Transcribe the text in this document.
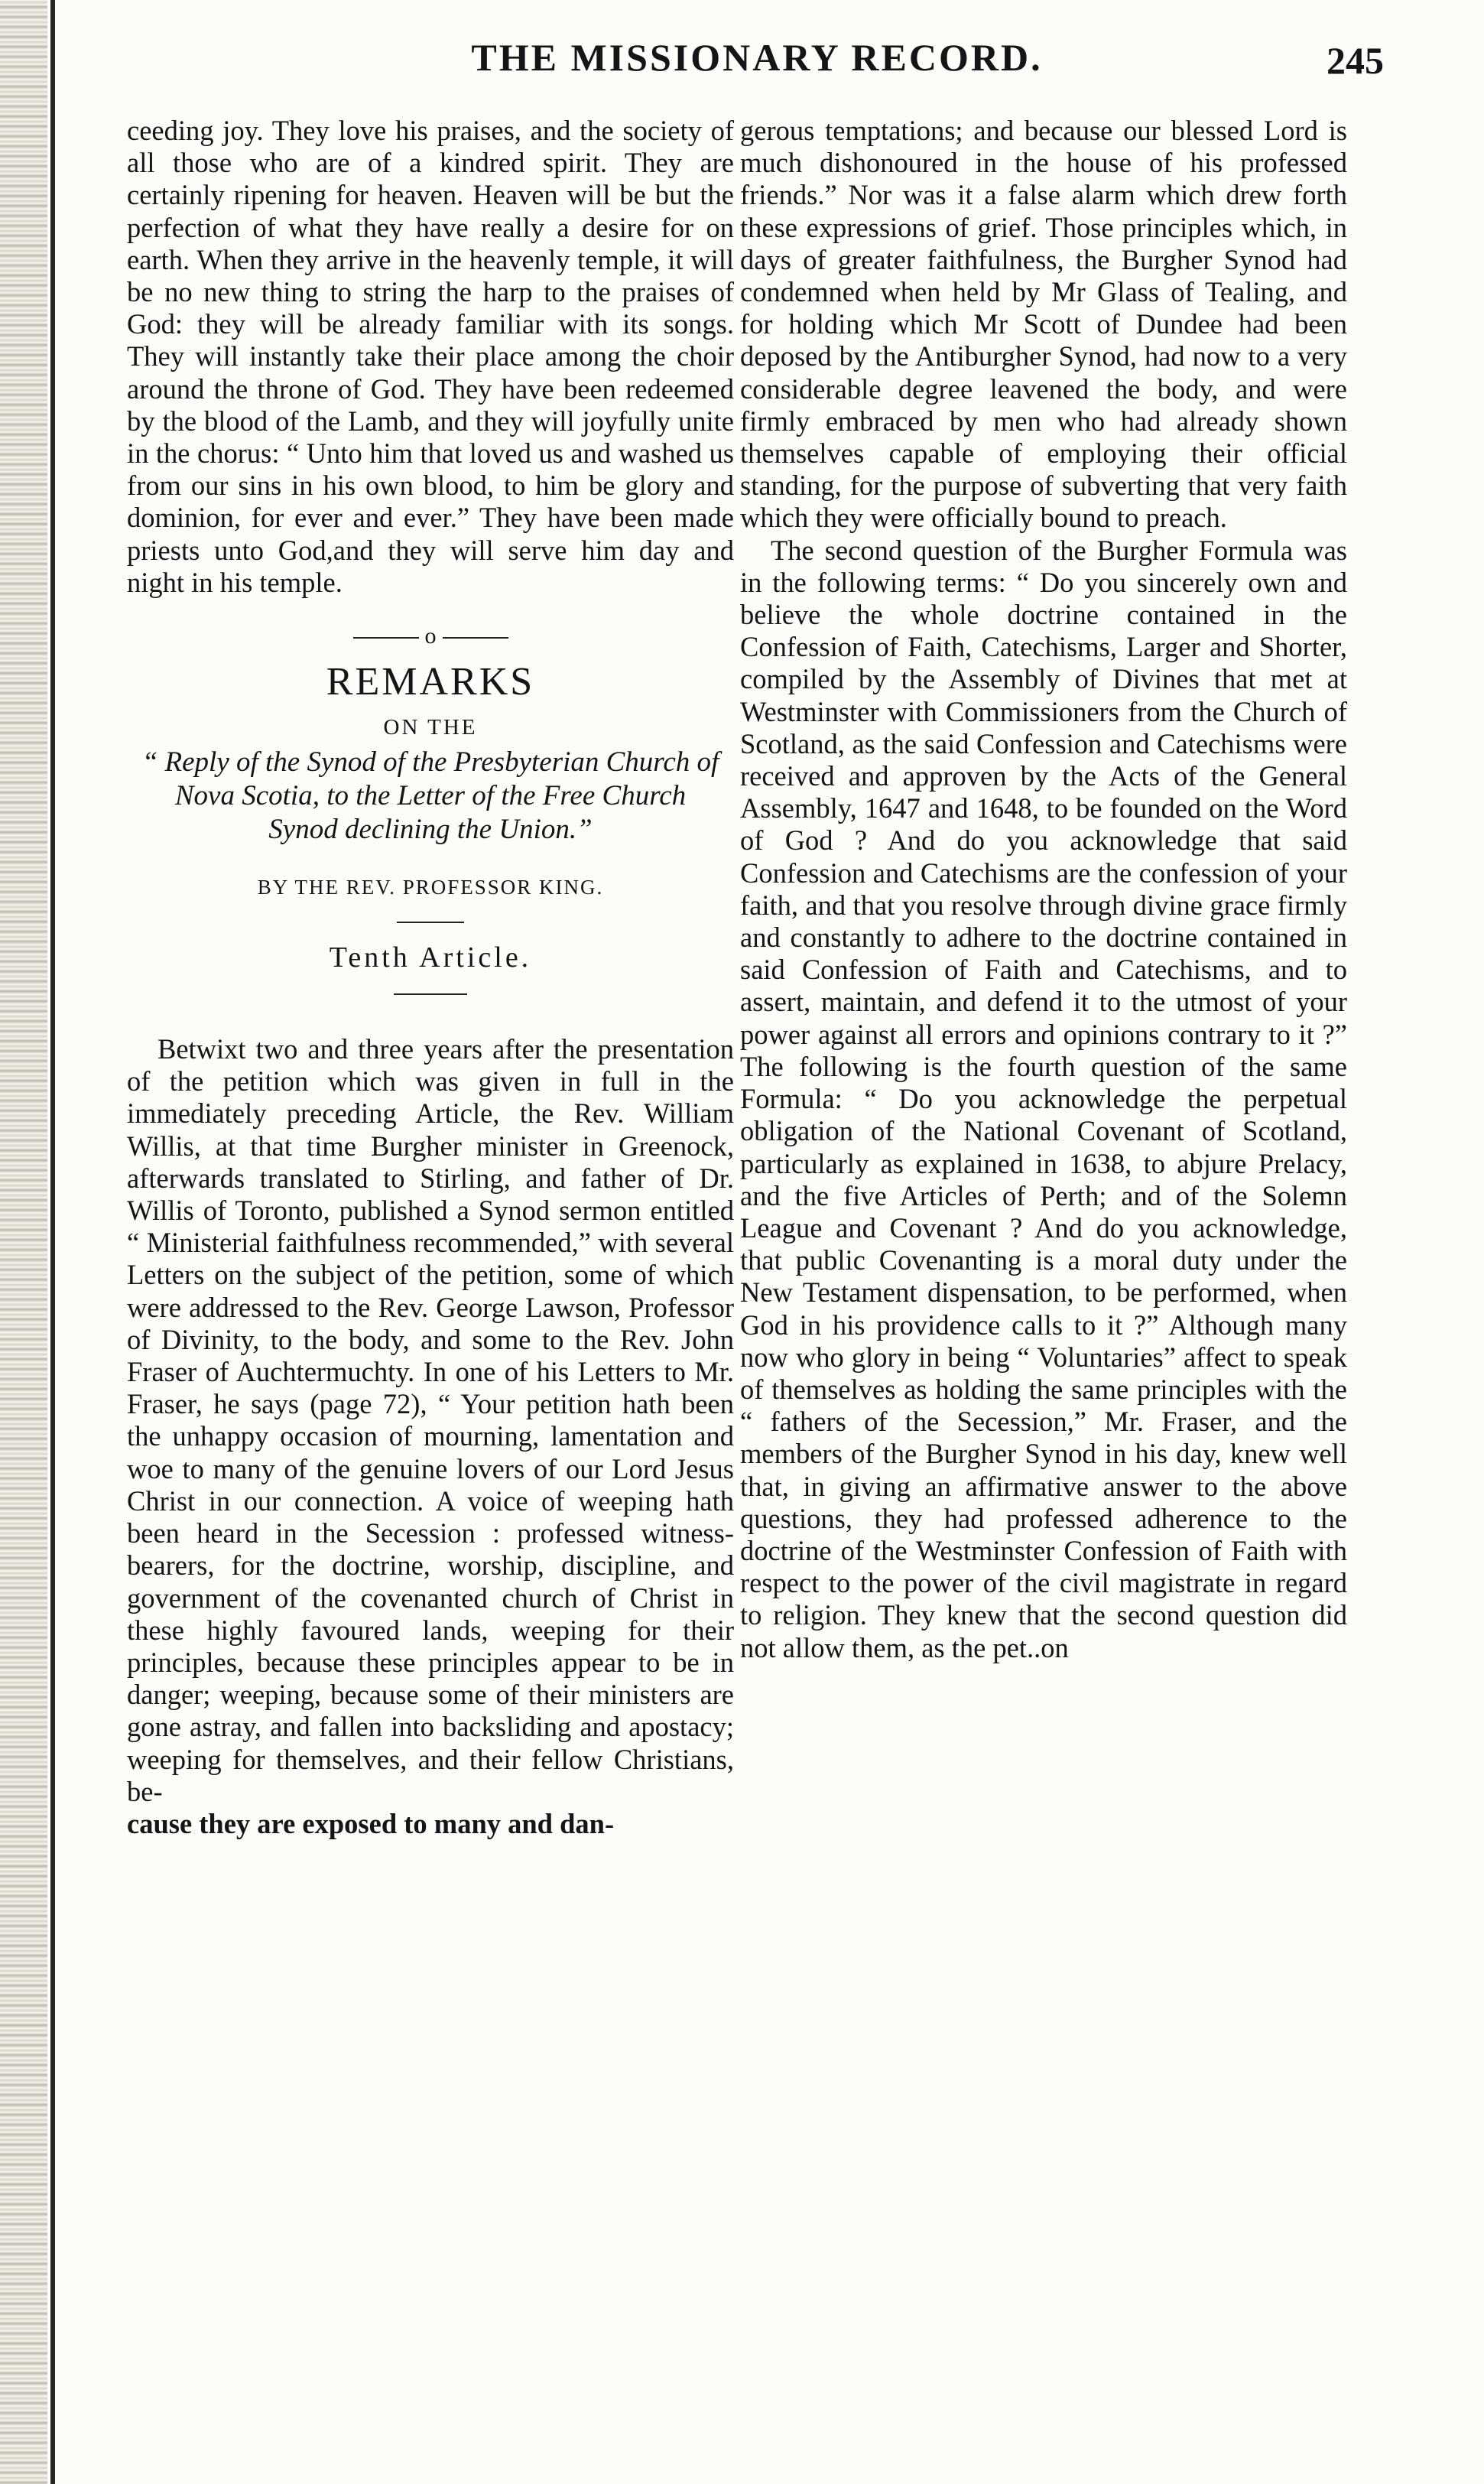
THE MISSIONARY RECORD.	245

ceeding joy. They love his praises, and the society of all those who are of a kindred spirit. They are certainly ripening for heaven. Heaven will be but the perfection of what they have really a desire for on earth. When they arrive in the heavenly temple, it will be no new thing to string the harp to the praises of God: they will be already familiar with its songs. They will instantly take their place among the choir around the throne of God. They have been redeemed by the blood of the Lamb, and they will joyfully unite in the chorus: “ Unto him that loved us and washed us from our sins in his own blood, to him be glory and dominion, for ever and ever.” They have been made priests unto God,and they will serve him day and night in his temple.

o
REMARKS
ON THE
“ Reply of the Synod of the Presbyterian Church of Nova Scotia, to the Letter of the Free Church Synod declining the Union.”
BY THE REV. PROFESSOR KING.
Tenth Article.

Betwixt two and three years after the presentation of the petition which was given in full in the immediately preceding Article, the Rev. William Willis, at that time Burgher minister in Greenock, afterwards translated to Stirling, and father of Dr. Willis of Toronto, published a Synod sermon entitled “ Ministerial faithfulness recommended,” with several Letters on the subject of the petition, some of which were addressed to the Rev. George Lawson, Professor of Divinity, to the body, and some to the Rev. John Fraser of Auchtermuchty. In one of his Letters to Mr. Fraser, he says (page 72), “ Your petition hath been the unhappy occasion of mourning, lamentation and woe to many of the genuine lovers of our Lord Jesus Christ in our connection. A voice of weeping hath been heard in the Secession : professed witness-bearers, for the doctrine, worship, discipline, and government of the covenanted church of Christ in these highly favoured lands, weeping for their principles, because these principles appear to be in danger; weeping, because some of their ministers are gone astray, and fallen into backsliding and apostacy; weeping for themselves, and their fellow Christians, be-

cause they are exposed to many and dan-

gerous temptations; and because our blessed Lord is much dishonoured in the house of his professed friends.” Nor was it a false alarm which drew forth these expressions of grief. Those principles which, in days of greater faithfulness, the Burgher Synod had condemned when held by Mr Glass of Tealing, and for holding which Mr Scott of Dundee had been deposed by the Antiburgher Synod, had now to a very considerable degree leavened the body, and were firmly embraced by men who had already shown themselves capable of employing their official standing, for the purpose of subverting that very faith which they were officially bound to preach.

The second question of the Burgher Formula was in the following terms: “ Do you sincerely own and believe the whole doctrine contained in the Confession of Faith, Catechisms, Larger and Shorter, compiled by the Assembly of Divines that met at Westminster with Commissioners from the Church of Scotland, as the said Confession and Catechisms were received and approven by the Acts of the General Assembly, 1647 and 1648, to be founded on the Word of God ? And do you acknowledge that said Confession and Catechisms are the confession of your faith, and that you resolve through divine grace firmly and constantly to adhere to the doctrine contained in said Confession of Faith and Catechisms, and to assert, maintain, and defend it to the utmost of your power against all errors and opinions contrary to it ?” The following is the fourth question of the same Formula: “ Do you acknowledge the perpetual obligation of the National Covenant of Scotland, particularly as explained in 1638, to abjure Prelacy, and the five Articles of Perth; and of the Solemn League and Covenant ? And do you acknowledge, that public Covenanting is a moral duty under the New Testament dispensation, to be performed, when God in his providence calls to it ?” Although many now who glory in being “ Voluntaries” affect to speak of themselves as holding the same principles with the “ fathers of the Secession,” Mr. Fraser, and the members of the Burgher Synod in his day, knew well that, in giving an affirmative answer to the above questions, they had professed adherence to the doctrine of the Westminster Confession of Faith with respect to the power of the civil magistrate in regard to religion. They knew that the second question did not allow them, as the pet..on
